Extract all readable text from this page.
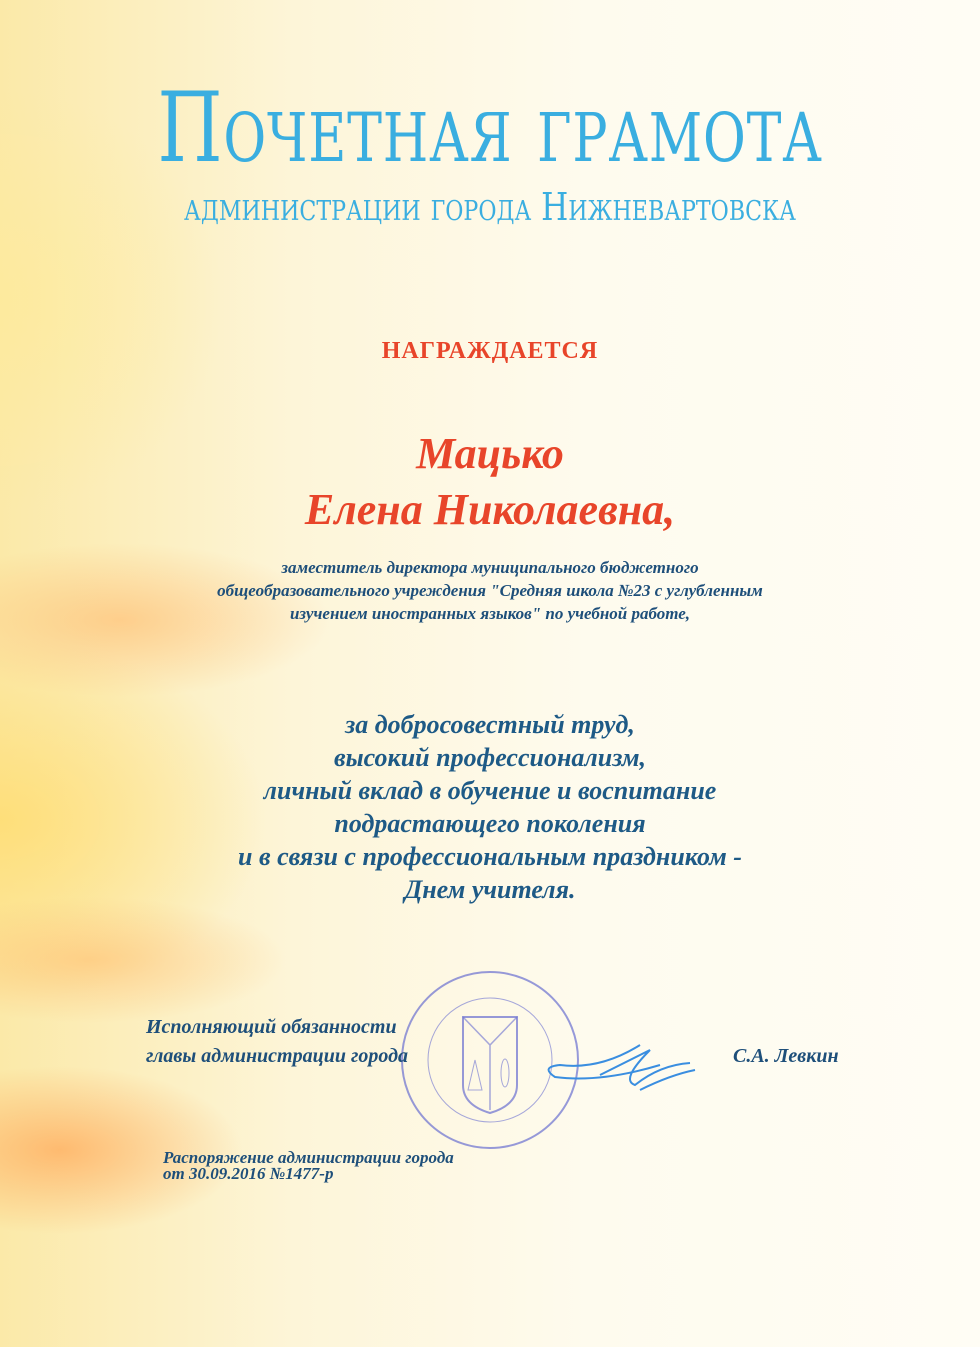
Почетная грамота
администрации города Нижневартовска
НАГРАЖДАЕТСЯ
Мацько
Елена Николаевна,
заместитель директора муниципального бюджетного
общеобразовательного учреждения "Средняя школа №23 с углубленным
изучением иностранных языков" по учебной работе,
за добросовестный труд,
высокий профессионализм,
личный вклад в обучение и воспитание
подрастающего поколения
и в связи с профессиональным праздником -
Днем учителя.
Исполняющий обязанности
главы администрации города	С.А. Левкин
Распоряжение администрации города
от 30.09.2016 №1477-р
